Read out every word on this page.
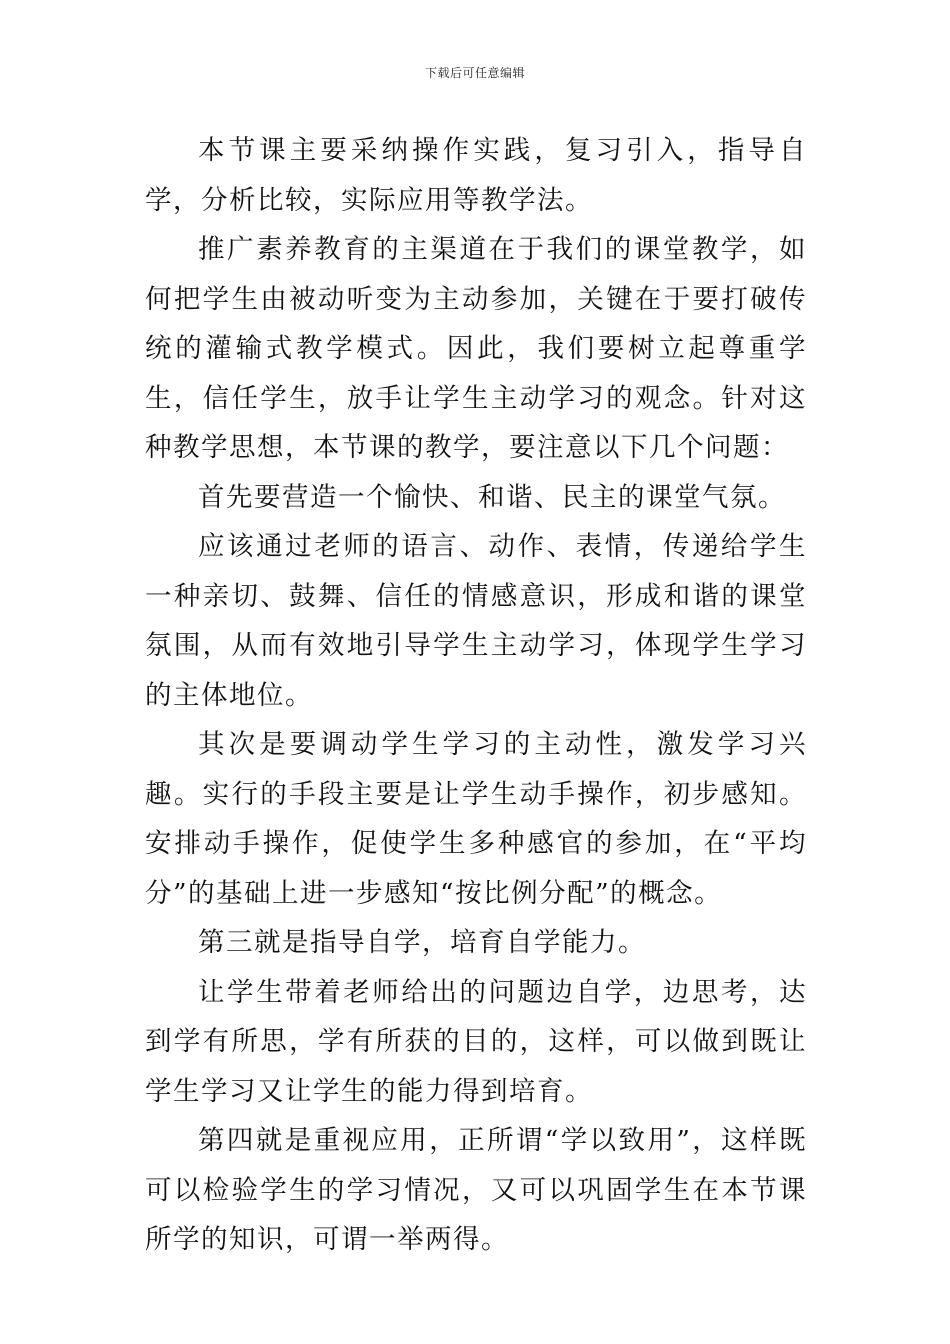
下载后可任意编辑

本节课主要采纳操作实践，复习引入，指导自学，分析比较，实际应用等教学法。

推广素养教育的主渠道在于我们的课堂教学，如何把学生由被动听变为主动参加，关键在于要打破传统的灌输式教学模式。因此，我们要树立起尊重学生，信任学生，放手让学生主动学习的观念。针对这种教学思想，本节课的教学，要注意以下几个问题：

首先要营造一个愉快、和谐、民主的课堂气氛。

应该通过老师的语言、动作、表情，传递给学生一种亲切、鼓舞、信任的情感意识，形成和谐的课堂氛围，从而有效地引导学生主动学习，体现学生学习的主体地位。

其次是要调动学生学习的主动性，激发学习兴趣。实行的手段主要是让学生动手操作，初步感知。安排动手操作，促使学生多种感官的参加，在“平均分”的基础上进一步感知“按比例分配”的概念。

第三就是指导自学，培育自学能力。

让学生带着老师给出的问题边自学，边思考，达到学有所思，学有所获的目的，这样，可以做到既让学生学习又让学生的能力得到培育。

第四就是重视应用，正所谓“学以致用”，这样既可以检验学生的学习情况，又可以巩固学生在本节课所学的知识，可谓一举两得。
